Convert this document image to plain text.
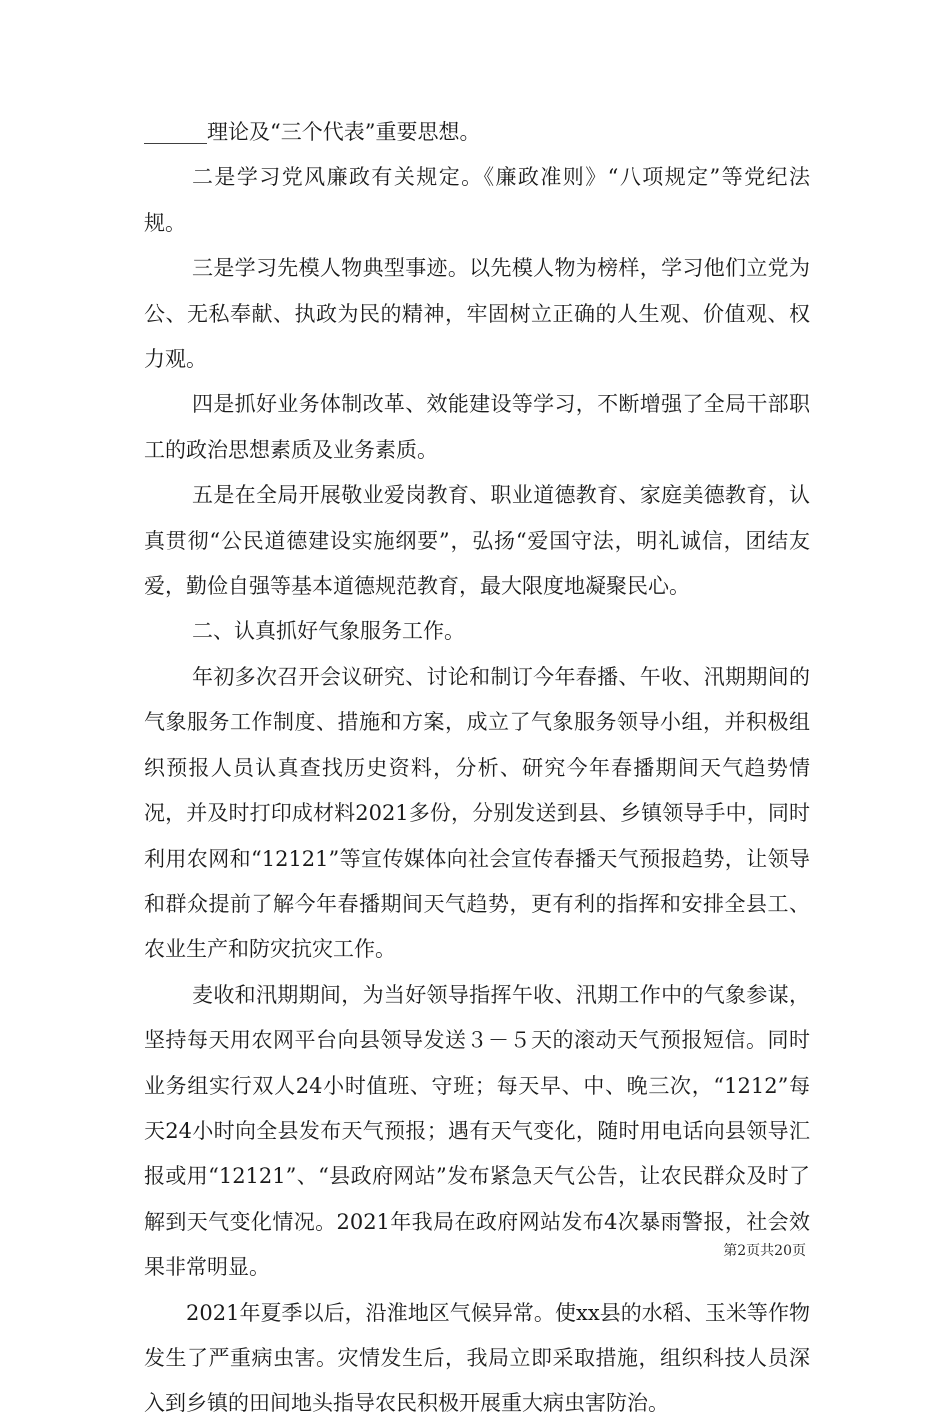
______理论及“三个代表”重要思想。

二是学习党风廉政有关规定。《廉政准则》“八项规定”等党纪法规。

三是学习先模人物典型事迹。以先模人物为榜样，学习他们立党为公、无私奉献、执政为民的精神，牢固树立正确的人生观、价值观、权力观。

四是抓好业务体制改革、效能建设等学习，不断增强了全局干部职工的政治思想素质及业务素质。

五是在全局开展敬业爱岗教育、职业道德教育、家庭美德教育，认真贯彻“公民道德建设实施纲要”，弘扬“爱国守法，明礼诚信，团结友爱，勤俭自强等基本道德规范教育，最大限度地凝聚民心。

二、认真抓好气象服务工作。

年初多次召开会议研究、讨论和制订今年春播、午收、汛期期间的气象服务工作制度、措施和方案，成立了气象服务领导小组，并积极组织预报人员认真查找历史资料，分析、研究今年春播期间天气趋势情况，并及时打印成材料2021多份，分别发送到县、乡镇领导手中，同时利用农网和“12121”等宣传媒体向社会宣传春播天气预报趋势，让领导和群众提前了解今年春播期间天气趋势，更有利的指挥和安排全县工、农业生产和防灾抗灾工作。

麦收和汛期期间，为当好领导指挥午收、汛期工作中的气象参谋，坚持每天用农网平台向县领导发送３－５天的滚动天气预报短信。同时业务组实行双人24小时值班、守班；每天早、中、晚三次，“1212”每天24小时向全县发布天气预报；遇有天气变化，随时用电话向县领导汇报或用“12121”、“县政府网站”发布紧急天气公告，让农民群众及时了解到天气变化情况。2021年我局在政府网站发布4次暴雨警报，社会效果非常明显。

2021年夏季以后，沿淮地区气候异常。使xx县的水稻、玉米等作物发生了严重病虫害。灾情发生后，我局立即采取措施，组织科技人员深入到乡镇的田间地头指导农民积极开展重大病虫害防治。

第2页共20页
